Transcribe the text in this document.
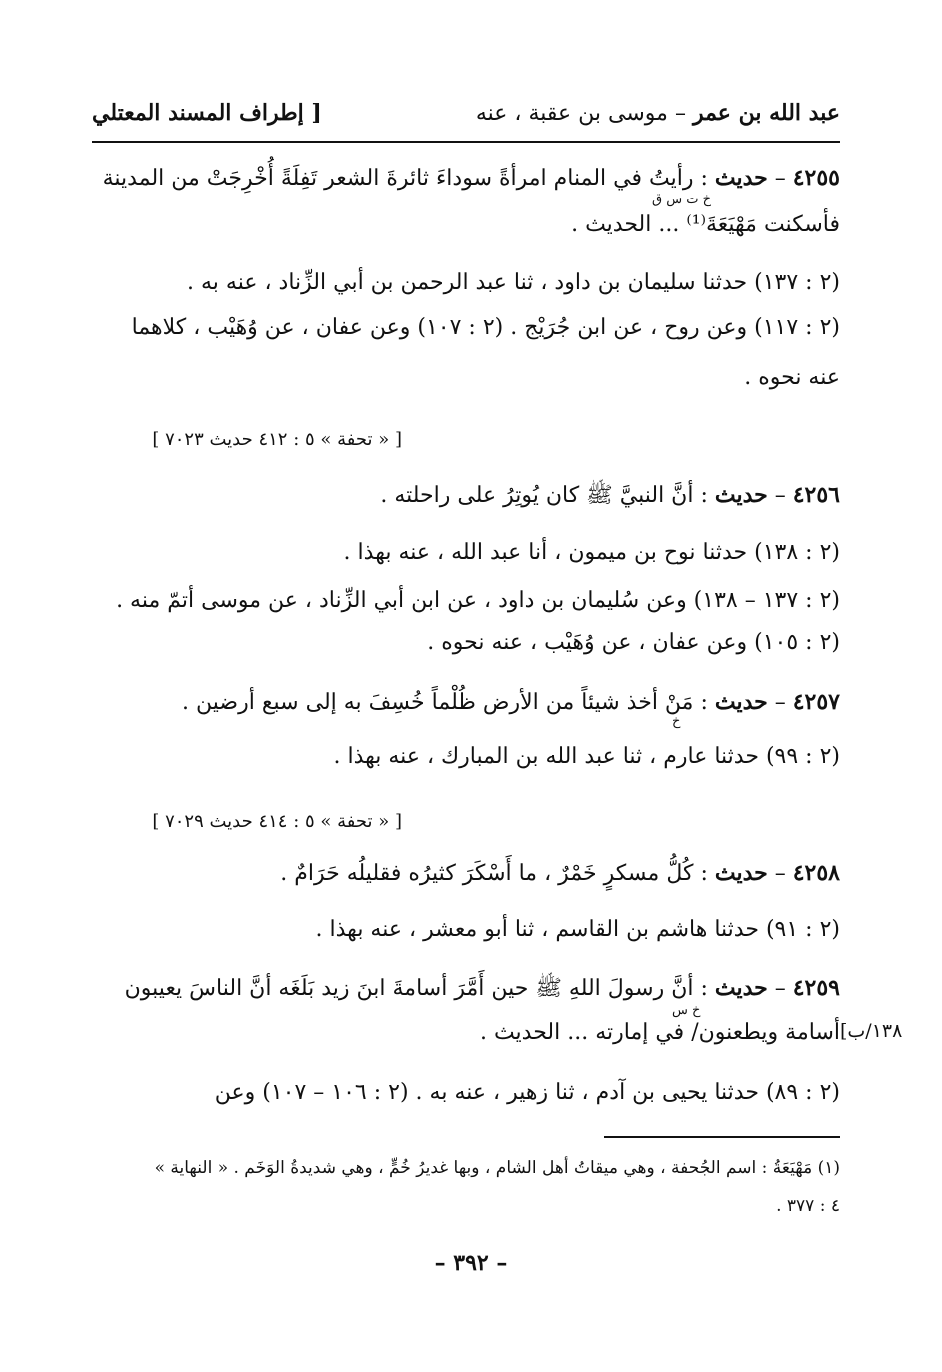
عبد الله بن عمر – موسى بن عقبة ، عنه
[ إطراف المسند المعتلي
٤٢٥٥ – حديث : رأيتُ في المنام امرأةً سوداءَ ثائرةَ الشعر تَفِلَةً أُخْرِجَتْ من المدينة
خ ت س ق
فأسكنت مَهْيَعَةَ⁽¹⁾ ... الحديث .
(٢ : ١٣٧) حدثنا سليمان بن داود ، ثنا عبد الرحمن بن أبي الزِّناد ، عنه به .
(٢ : ١١٧) وعن روح ، عن ابن جُرَيْج . (٢ : ١٠٧) وعن عفان ، عن وُهَيْب ، كلاهما
عنه نحوه .
[ « تحفة » ٥ : ٤١٢ حديث ٧٠٢٣ ]
٤٢٥٦ – حديث : أنَّ النبيَّ ﷺ كان يُوتِرُ على راحلته .
(٢ : ١٣٨) حدثنا نوح بن ميمون ، أنا عبد الله ، عنه بهذا .
(٢ : ١٣٧ – ١٣٨) وعن سُليمان بن داود ، عن ابن أبي الزِّناد ، عن موسى أتمّ منه .
(٢ : ١٠٥) وعن عفان ، عن وُهَيْب ، عنه نحوه .
٤٢٥٧ – حديث : مَنْ أخذ شيئاً من الأرض ظُلْماً خُسِفَ به إلى سبع أرضين .
خ
(٢ : ٩٩) حدثنا عارم ، ثنا عبد الله بن المبارك ، عنه بهذا .
[ « تحفة » ٥ : ٤١٤ حديث ٧٠٢٩ ]
٤٢٥٨ – حديث : كُلُّ مسكرٍ خَمْرٌ ، ما أَسْكَرَ كثيرُه فقليلُه حَرَامٌ .
(٢ : ٩١) حدثنا هاشم بن القاسم ، ثنا أبو معشر ، عنه بهذا .
٤٢٥٩ – حديث : أنَّ رسولَ اللهِ ﷺ حين أَمَّرَ أسامةَ ابنَ زيد بَلَغَه أنَّ الناسَ يعيبون
خ س
أسامة ويطعنون/ في إمارته ... الحديث . [١٣٨/ب
(٢ : ٨٩) حدثنا يحيى بن آدم ، ثنا زهير ، عنه به . (٢ : ١٠٦ – ١٠٧) وعن
(١) مَهْيَعَةُ : اسم الجُحفة ، وهي ميقاتُ أهل الشام ، وبها غديرُ خُمٍّ ، وهي شديدةُ الوَخَم . « النهاية »
٤ : ٣٧٧ .
– ٣٩٢ –
